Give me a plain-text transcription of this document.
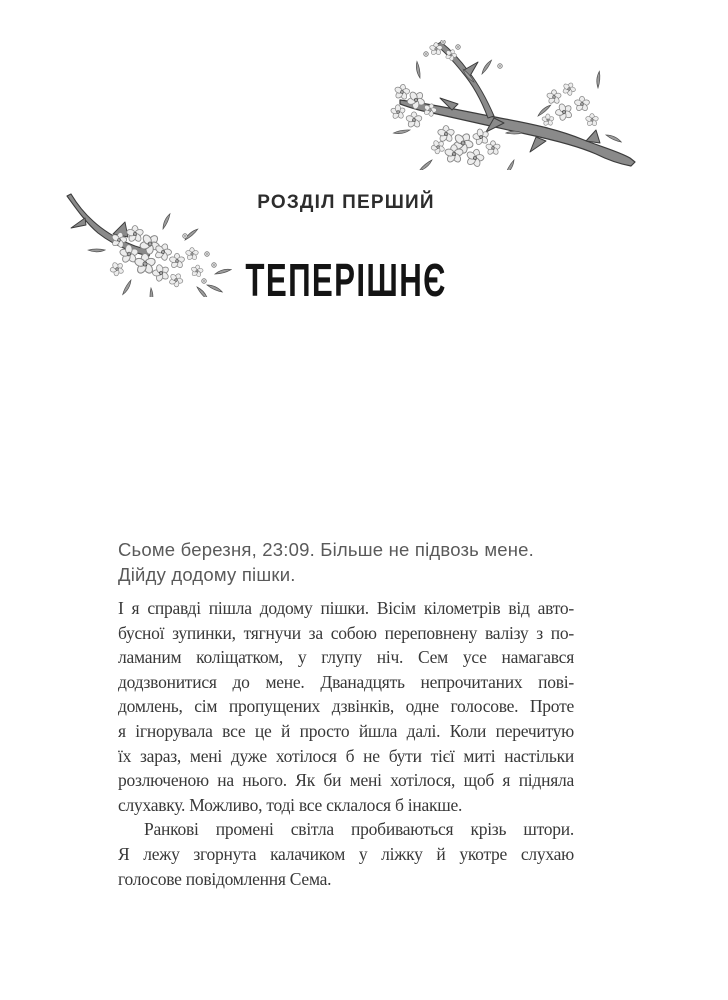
РОЗДІЛ ПЕРШИЙ
ТЕПЕРІШНЄ
Сьоме березня, 23:09. Більше не підвозь мене.
Дійду додому пішки.
І я справді пішла додому пішки. Вісім кілометрів від авто-
бусної зупинки, тягнучи за собою переповнену валізу з по-
ламаним коліщатком, у глупу ніч. Сем усе намагався
додзвонитися до мене. Дванадцять непрочитаних пові-
домлень, сім пропущених дзвінків, одне голосове. Проте
я ігнорувала все це й просто йшла далі. Коли перечитую
їх зараз, мені дуже хотілося б не бути тієї миті настільки
розлюченою на нього. Як би мені хотілося, щоб я підняла
слухавку. Можливо, тоді все склалося б інакше.
Ранкові промені світла пробиваються крізь штори.
Я лежу згорнута калачиком у ліжку й укотре слухаю
голосове повідомлення Сема.
